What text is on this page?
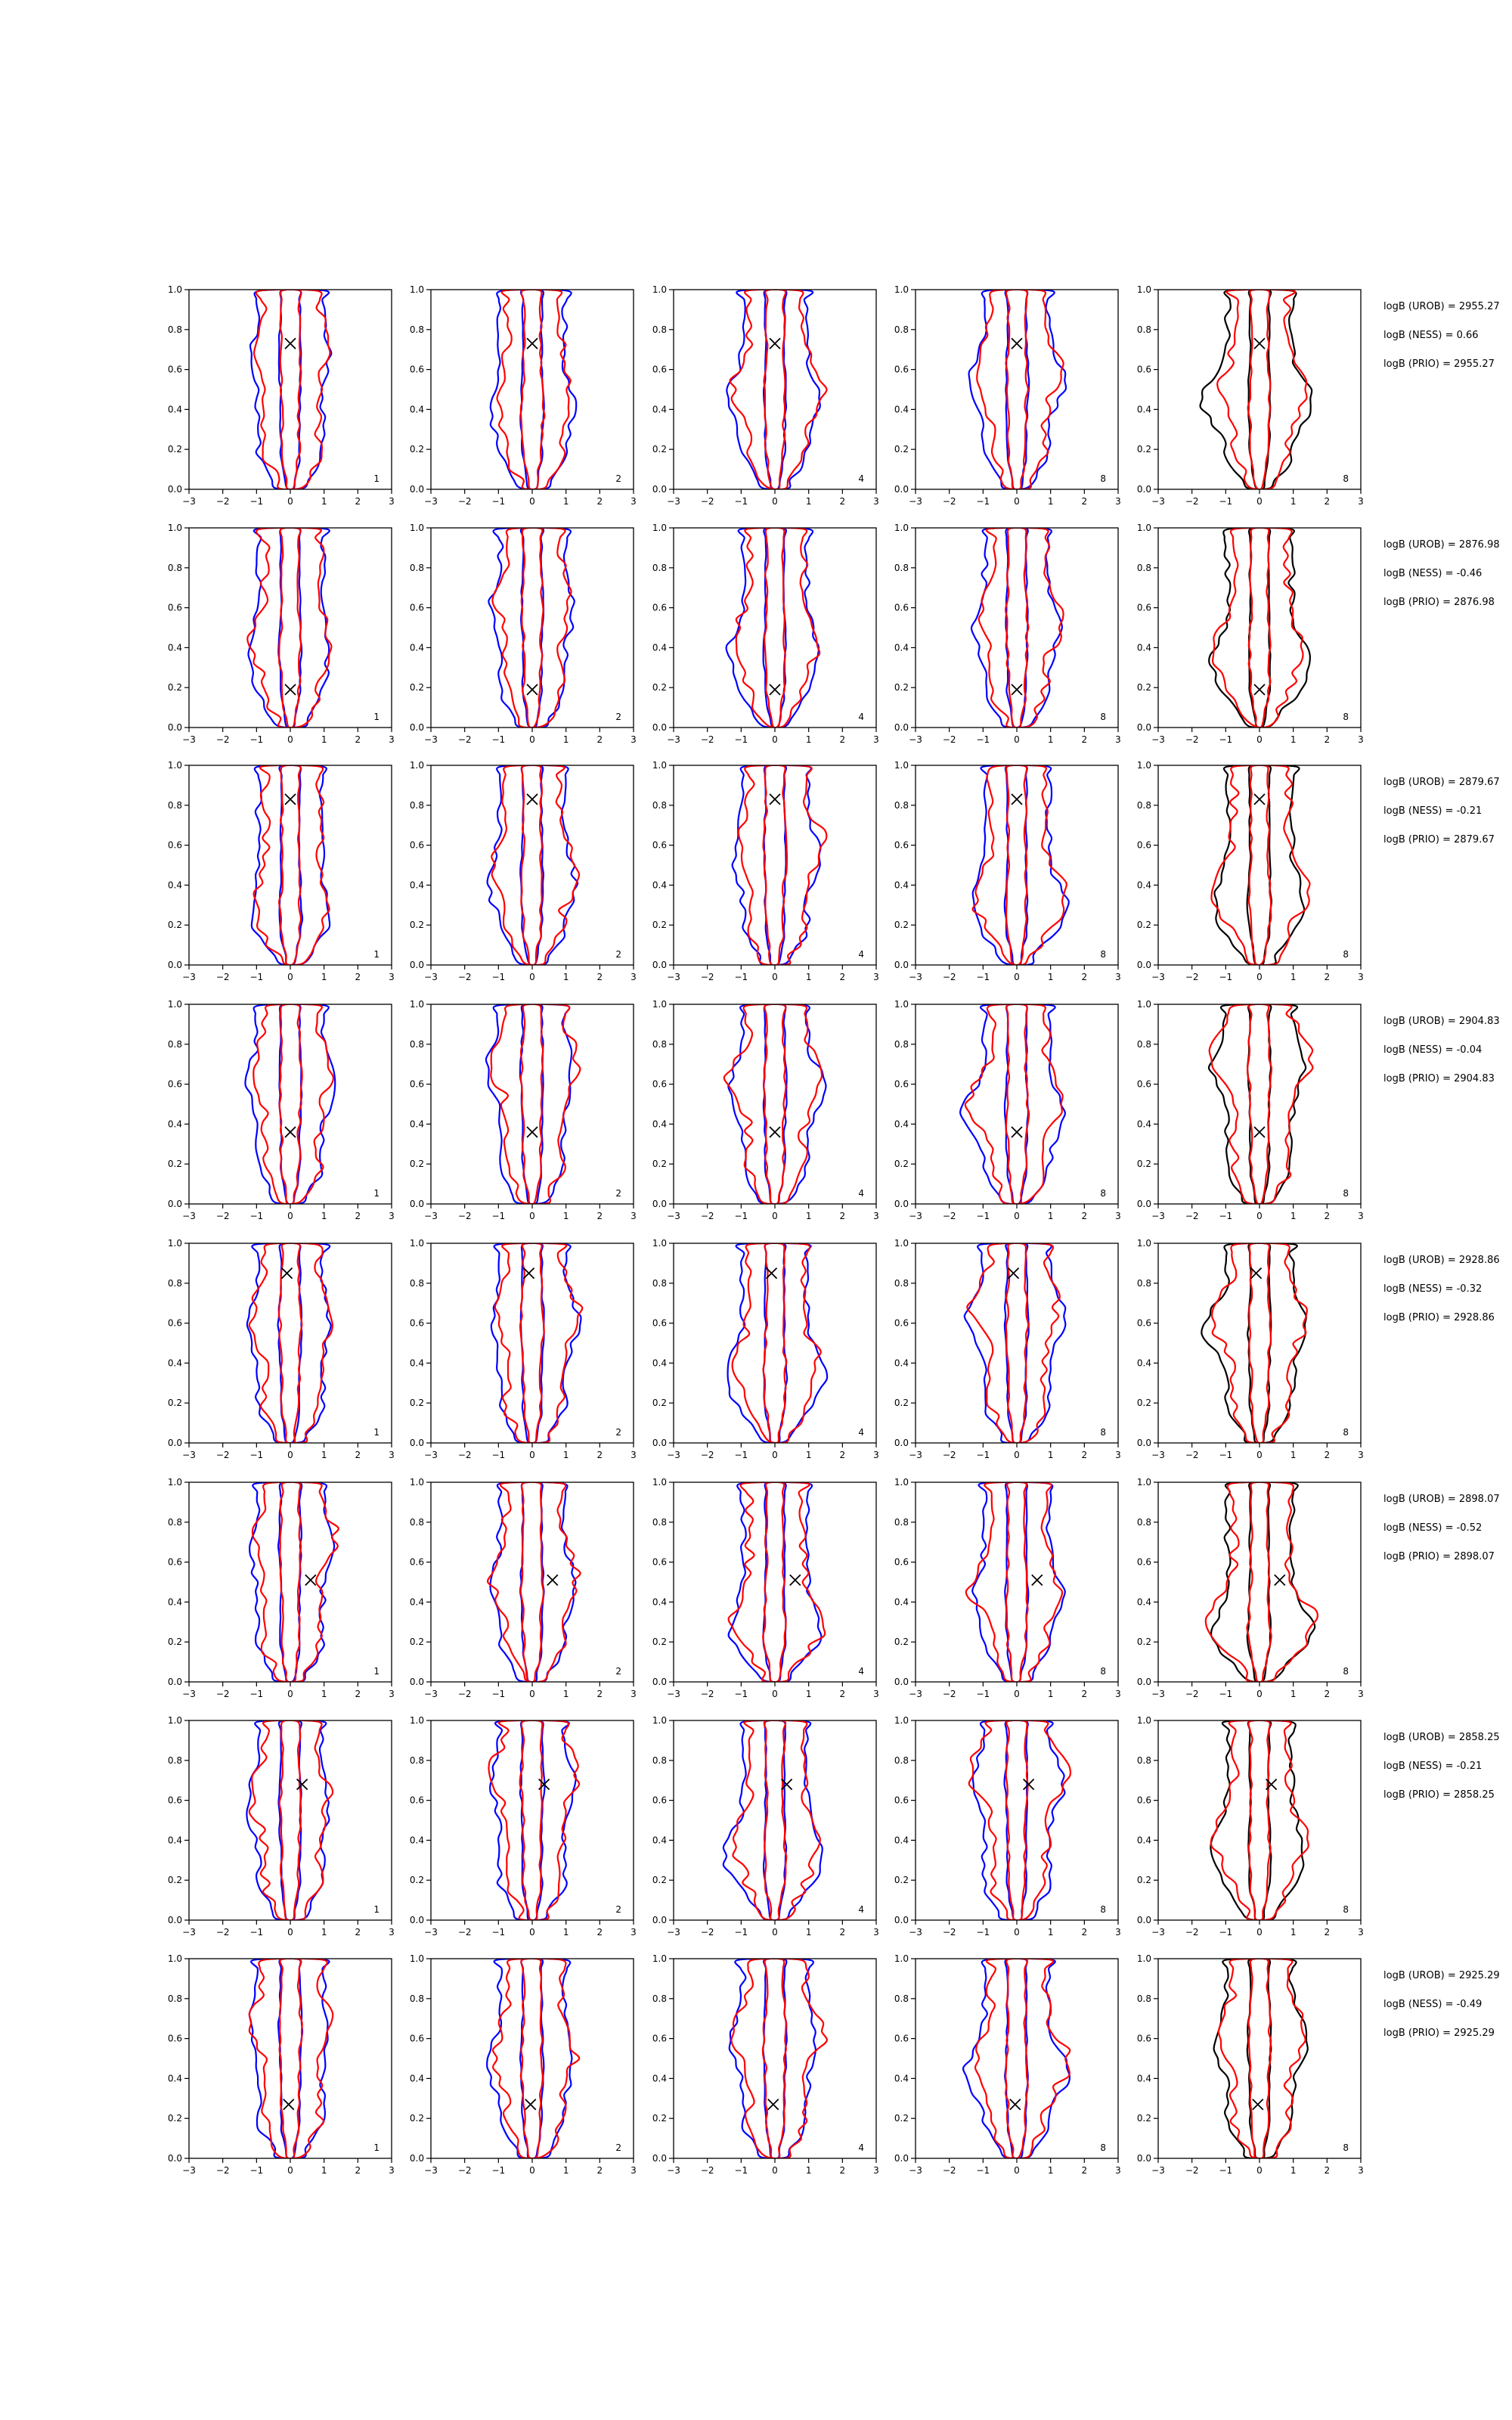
−3 −2 −1	0	1	2	3
0.0
0.2
0.4
0.6
0.8
1.0
1
−3 −2 −1	0	1	2	3
0.0
0.2
0.4
0.6
0.8
1.0
2
−3 −2 −1	0	1	2	3
0.0
0.2
0.4
0.6
0.8
1.0
4
−3 −2 −1	0	1	2	3
0.0
0.2
0.4
0.6
0.8
1.0
8
−3 −2 −1	0	1	2	3
0.0
0.2
0.4
0.6
0.8
1.0
8
logB (UROB) = 2955.27
logB (NESS) = 0.66
logB (PRIO) = 2955.27
−3 −2 −1	0	1	2	3
0.0
0.2
0.4
0.6
0.8
1.0
1
−3 −2 −1	0	1	2	3
0.0
0.2
0.4
0.6
0.8
1.0
2
−3 −2 −1	0	1	2	3
0.0
0.2
0.4
0.6
0.8
1.0
4
−3 −2 −1	0	1	2	3
0.0
0.2
0.4
0.6
0.8
1.0
8
−3 −2 −1	0	1	2	3
0.0
0.2
0.4
0.6
0.8
1.0
8
logB (UROB) = 2876.98
logB (NESS) = -0.46
logB (PRIO) = 2876.98
−3 −2 −1	0	1	2	3
0.0
0.2
0.4
0.6
0.8
1.0
1
−3 −2 −1	0	1	2	3
0.0
0.2
0.4
0.6
0.8
1.0
2
−3 −2 −1	0	1	2	3
0.0
0.2
0.4
0.6
0.8
1.0
4
−3 −2 −1	0	1	2	3
0.0
0.2
0.4
0.6
0.8
1.0
8
−3 −2 −1	0	1	2	3
0.0
0.2
0.4
0.6
0.8
1.0
8
logB (UROB) = 2879.67
logB (NESS) = -0.21
logB (PRIO) = 2879.67
−3 −2 −1	0	1	2	3
0.0
0.2
0.4
0.6
0.8
1.0
1
−3 −2 −1	0	1	2	3
0.0
0.2
0.4
0.6
0.8
1.0
2
−3 −2 −1	0	1	2	3
0.0
0.2
0.4
0.6
0.8
1.0
4
−3 −2 −1	0	1	2	3
0.0
0.2
0.4
0.6
0.8
1.0
8
−3 −2 −1	0	1	2	3
0.0
0.2
0.4
0.6
0.8
1.0
8
logB (UROB) = 2904.83
logB (NESS) = -0.04
logB (PRIO) = 2904.83
−3 −2 −1	0	1	2	3
0.0
0.2
0.4
0.6
0.8
1.0
1
−3 −2 −1	0	1	2	3
0.0
0.2
0.4
0.6
0.8
1.0
2
−3 −2 −1	0	1	2	3
0.0
0.2
0.4
0.6
0.8
1.0
4
−3 −2 −1	0	1	2	3
0.0
0.2
0.4
0.6
0.8
1.0
8
−3 −2 −1	0	1	2	3
0.0
0.2
0.4
0.6
0.8
1.0
8
logB (UROB) = 2928.86
logB (NESS) = -0.32
logB (PRIO) = 2928.86
−3 −2 −1	0	1	2	3
0.0
0.2
0.4
0.6
0.8
1.0
1
−3 −2 −1	0	1	2	3
0.0
0.2
0.4
0.6
0.8
1.0
2
−3 −2 −1	0	1	2	3
0.0
0.2
0.4
0.6
0.8
1.0
4
−3 −2 −1	0	1	2	3
0.0
0.2
0.4
0.6
0.8
1.0
8
−3 −2 −1	0	1	2	3
0.0
0.2
0.4
0.6
0.8
1.0
8
logB (UROB) = 2898.07
logB (NESS) = -0.52
logB (PRIO) = 2898.07
−3 −2 −1	0	1	2	3
0.0
0.2
0.4
0.6
0.8
1.0
1
−3 −2 −1	0	1	2	3
0.0
0.2
0.4
0.6
0.8
1.0
2
−3 −2 −1	0	1	2	3
0.0
0.2
0.4
0.6
0.8
1.0
4
−3 −2 −1	0	1	2	3
0.0
0.2
0.4
0.6
0.8
1.0
8
−3 −2 −1	0	1	2	3
0.0
0.2
0.4
0.6
0.8
1.0
8
logB (UROB) = 2858.25
logB (NESS) = -0.21
logB (PRIO) = 2858.25
−3 −2 −1	0	1	2	3
0.0
0.2
0.4
0.6
0.8
1.0
1
−3 −2 −1	0	1	2	3
0.0
0.2
0.4
0.6
0.8
1.0
2
−3 −2 −1	0	1	2	3
0.0
0.2
0.4
0.6
0.8
1.0
4
−3 −2 −1	0	1	2	3
0.0
0.2
0.4
0.6
0.8
1.0
8
−3 −2 −1	0	1	2	3
0.0
0.2
0.4
0.6
0.8
1.0
8
logB (UROB) = 2925.29
logB (NESS) = -0.49
logB (PRIO) = 2925.29
